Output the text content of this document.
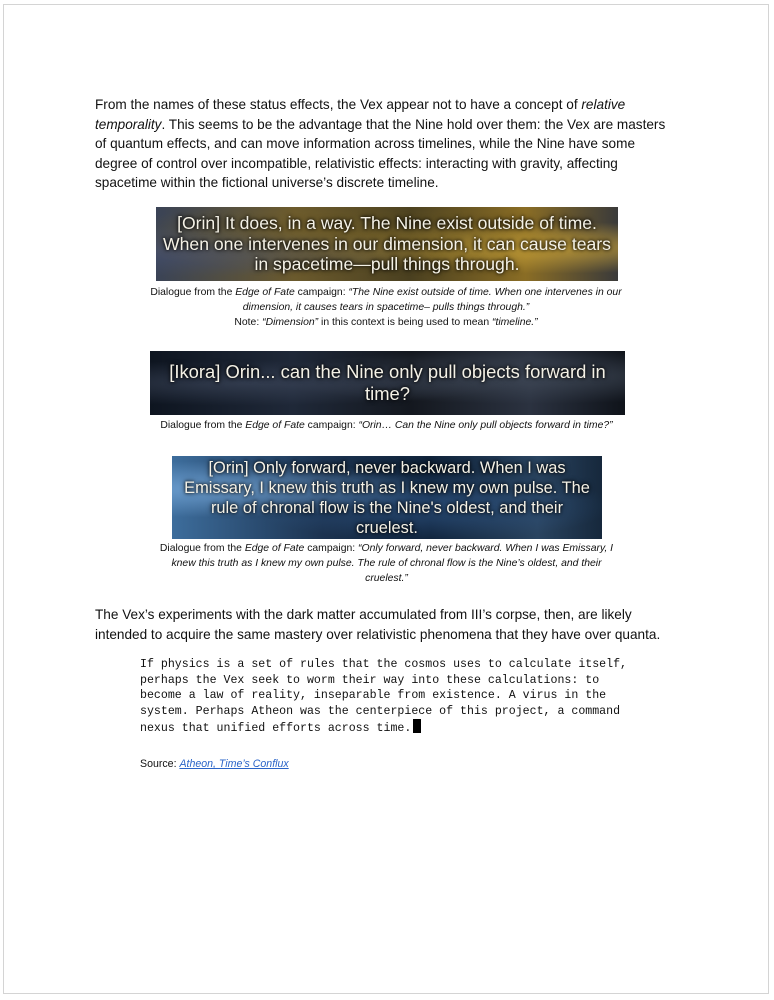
From the names of these status effects, the Vex appear not to have a concept of relative temporality. This seems to be the advantage that the Nine hold over them: the Vex are masters of quantum effects, and can move information across timelines, while the Nine have some degree of control over incompatible, relativistic effects: interacting with gravity, affecting spacetime within the fictional universe’s discrete timeline.

[Orin] It does, in a way. The Nine exist outside of time. When one intervenes in our dimension, it can cause tears in spacetime—pull things through.

Dialogue from the Edge of Fate campaign: “The Nine exist outside of time. When one intervenes in our dimension, it causes tears in spacetime– pulls things through.”
Note: “Dimension” in this context is being used to mean “timeline.”

[Ikora] Orin... can the Nine only pull objects forward in time?

Dialogue from the Edge of Fate campaign: “Orin… Can the Nine only pull objects forward in time?”

[Orin] Only forward, never backward. When I was Emissary, I knew this truth as I knew my own pulse. The rule of chronal flow is the Nine's oldest, and their cruelest.

Dialogue from the Edge of Fate campaign: “Only forward, never backward. When I was Emissary, I knew this truth as I knew my own pulse. The rule of chronal flow is the Nine’s oldest, and their cruelest.”

The Vex’s experiments with the dark matter accumulated from III’s corpse, then, are likely intended to acquire the same mastery over relativistic phenomena that they have over quanta.

If physics is a set of rules that the cosmos uses to calculate itself,
perhaps the Vex seek to worm their way into these calculations: to
become a law of reality, inseparable from existence. A virus in the
system. Perhaps Atheon was the centerpiece of this project, a command
nexus that unified efforts across time.

Source: Atheon, Time’s Conflux
